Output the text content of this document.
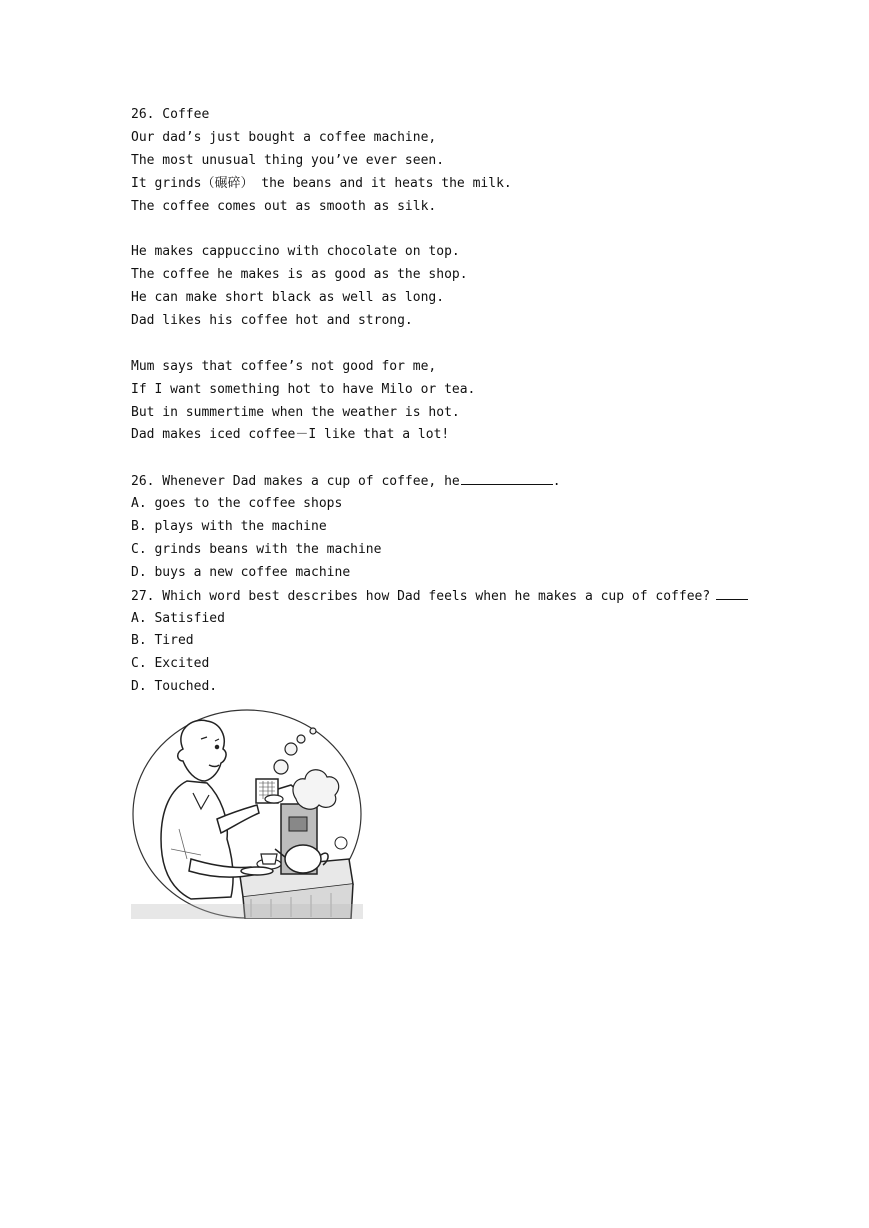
26. Coffee
Our dad’s just bought a coffee machine,
The most unusual thing you’ve ever seen.
It grinds（碾碎） the beans and it heats the milk.
The coffee comes out as smooth as silk.
He makes cappuccino with chocolate on top.
The coffee he makes is as good as the shop.
He can make short black as well as long.
Dad likes his coffee hot and strong.
Mum says that coffee’s not good for me,
If I want something hot to have Milo or tea.
But in summertime when the weather is hot.
Dad makes iced coffee－I like that a lot!
26. Whenever Dad makes a cup of coffee, he	.
A. goes to the coffee shops
B. plays with the machine
C. grinds beans with the machine
D. buys a new coffee machine
27. Which word best describes how Dad feels when he makes a cup of coffee?
A. Satisfied
B. Tired
C. Excited
D. Touched.
